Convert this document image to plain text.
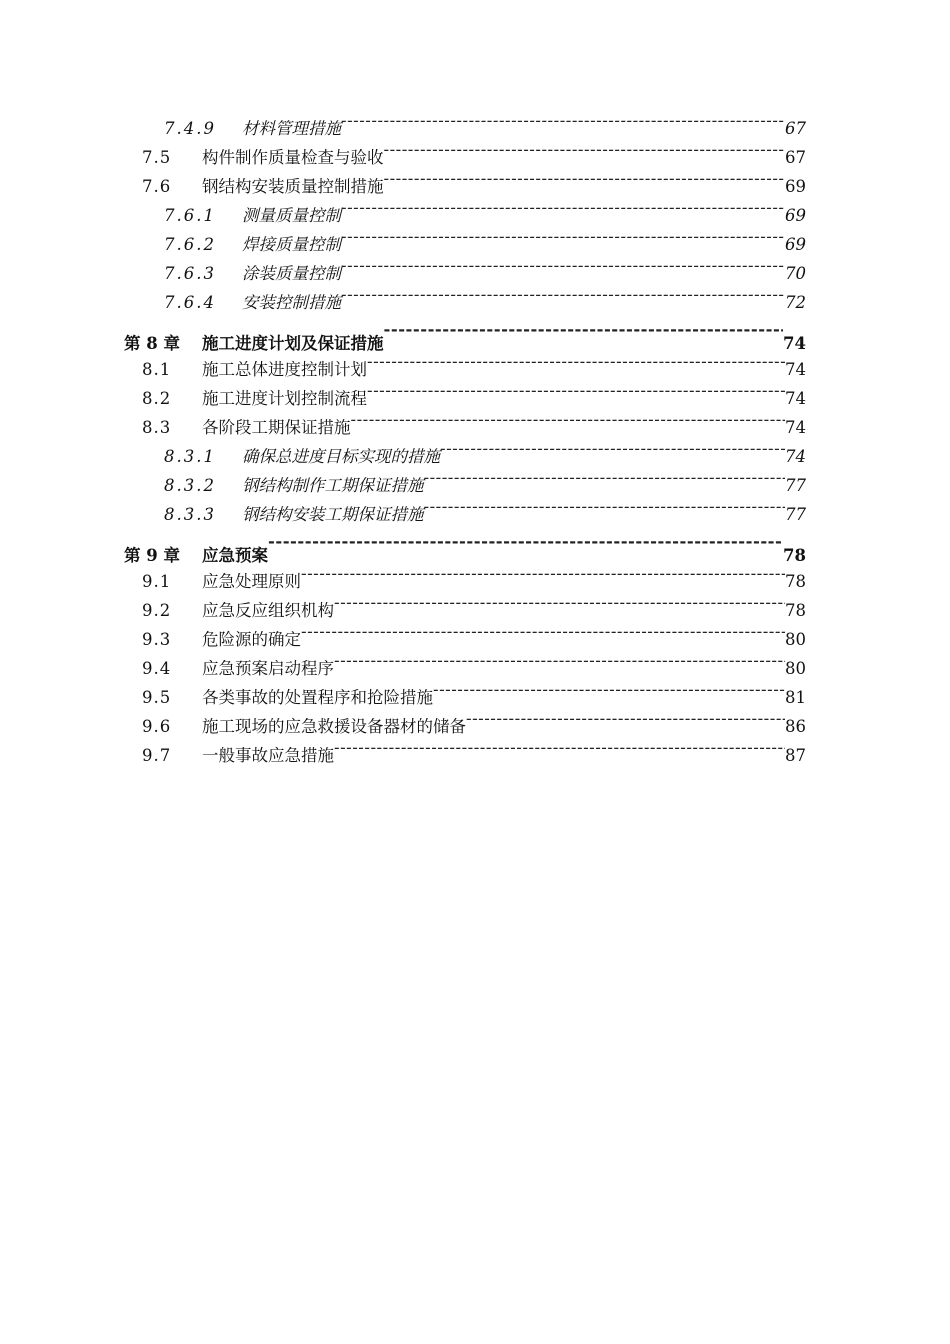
7.4.9	材料管理措施 -----	67
7.5	构件制作质量检查与验收 -----	67
7.6	钢结构安装质量控制措施 -----	69
7.6.1	测量质量控制 -----	69
7.6.2	焊接质量控制 -----	69
7.6.3	涂装质量控制 -----	70
7.6.4	安装控制措施 -----	72
第 8 章	施工进度计划及保证措施 -----	74
8.1	施工总体进度控制计划 -----	74
8.2	施工进度计划控制流程 -----	74
8.3	各阶段工期保证措施 -----	74
8.3.1	确保总进度目标实现的措施 -----	74
8.3.2	钢结构制作工期保证措施 -----	77
8.3.3	钢结构安装工期保证措施 -----	77
第 9 章	应急预案 -----	78
9.1	应急处理原则 -----	78
9.2	应急反应组织机构 -----	78
9.3	危险源的确定 -----	80
9.4	应急预案启动程序 -----	80
9.5	各类事故的处置程序和抢险措施 -----	81
9.6	施工现场的应急救援设备器材的储备 -----	86
9.7	一般事故应急措施 -----	87
